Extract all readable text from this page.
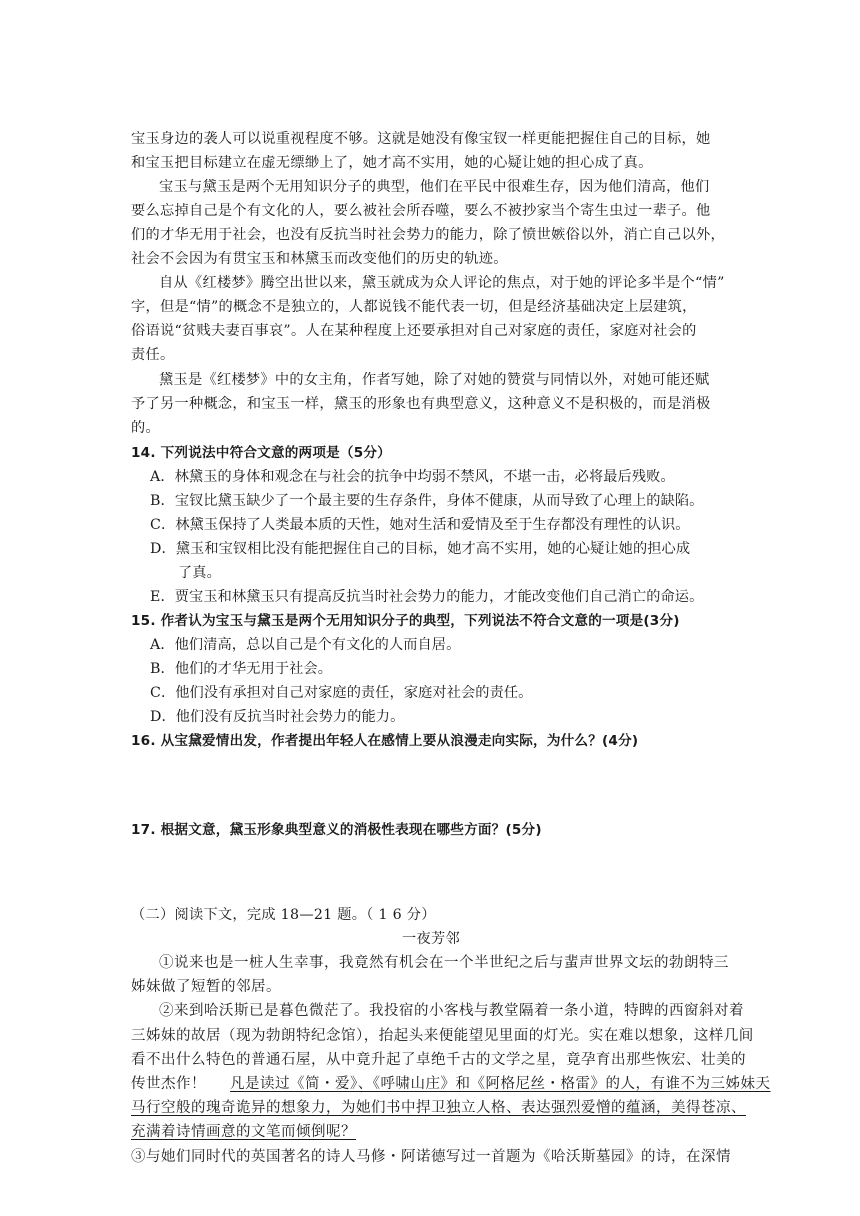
宝玉身边的袭人可以说重视程度不够。这就是她没有像宝钗一样更能把握住自己的目标，她
和宝玉把目标建立在虚无缥缈上了，她才高不实用，她的心疑让她的担心成了真。
宝玉与黛玉是两个无用知识分子的典型，他们在平民中很难生存，因为他们清高，他们
要么忘掉自己是个有文化的人，要么被社会所吞噬，要么不被抄家当个寄生虫过一辈子。他
们的才华无用于社会，也没有反抗当时社会势力的能力，除了愤世嫉俗以外，消亡自己以外，
社会不会因为有贯宝玉和林黛玉而改变他们的历史的轨迹。
自从《红楼梦》腾空出世以来，黛玉就成为众人评论的焦点，对于她的评论多半是个“情”
字，但是“情”的概念不是独立的，人都说钱不能代表一切，但是经济基础决定上层建筑，
俗语说“贫贱夫妻百事哀”。人在某种程度上还要承担对自己对家庭的责任，家庭对社会的
责任。
黛玉是《红楼梦》中的女主角，作者写她，除了对她的赞赏与同情以外，对她可能还赋
予了另一种概念，和宝玉一样，黛玉的形象也有典型意义，这种意义不是积极的，而是消极
的。
14. 下列说法中符合文意的两项是（5分）
A．林黛玉的身体和观念在与社会的抗争中均弱不禁风，不堪一击，必将最后残败。
B．宝钗比黛玉缺少了一个最主要的生存条件，身体不健康，从而导致了心理上的缺陷。
C．林黛玉保持了人类最本质的天性，她对生活和爱情及至于生存都没有理性的认识。
D．黛玉和宝钗相比没有能把握住自己的目标，她才高不实用，她的心疑让她的担心成
了真。
E．贾宝玉和林黛玉只有提高反抗当时社会势力的能力，才能改变他们自己消亡的命运。
15. 作者认为宝玉与黛玉是两个无用知识分子的典型，下列说法不符合文意的一项是(3分)
A．他们清高，总以自己是个有文化的人而自居。
B．他们的才华无用于社会。
C．他们没有承担对自己对家庭的责任，家庭对社会的责任。
D．他们没有反抗当时社会势力的能力。
16. 从宝黛爱情出发，作者提出年轻人在感情上要从浪漫走向实际，为什么？(4分)
17. 根据文意，黛玉形象典型意义的消极性表现在哪些方面？(5分)
（二）阅读下文，完成 18—21 题。（ 1 6 分）
一夜芳邻
①说来也是一桩人生幸事，我竟然有机会在一个半世纪之后与蜚声世界文坛的勃朗特三
姊妹做了短暂的邻居。
②来到哈沃斯已是暮色微茫了。我投宿的小客栈与教堂隔着一条小道，特睥的西窗斜对着
三姊妹的故居（现为勃朗特纪念馆），抬起头来便能望见里面的灯光。实在难以想象，这样几间
看不出什么特色的普通石屋，从中竟升起了卓绝千古的文学之星，竟孕育出那些恢宏、壮美的
传世杰作！ 凡是读过《简・爱》、《呼啸山庄》和《阿格尼丝・格雷》的人，有谁不为三姊妹天
马行空般的瑰奇诡异的想象力，为她们书中捍卫独立人格、表达强烈爱憎的蕴涵，美得苍凉、
充满着诗情画意的文笔而倾倒呢？
③与她们同时代的英国著名的诗人马修・阿诺德写过一首题为《哈沃斯墓园》的诗，在深情
